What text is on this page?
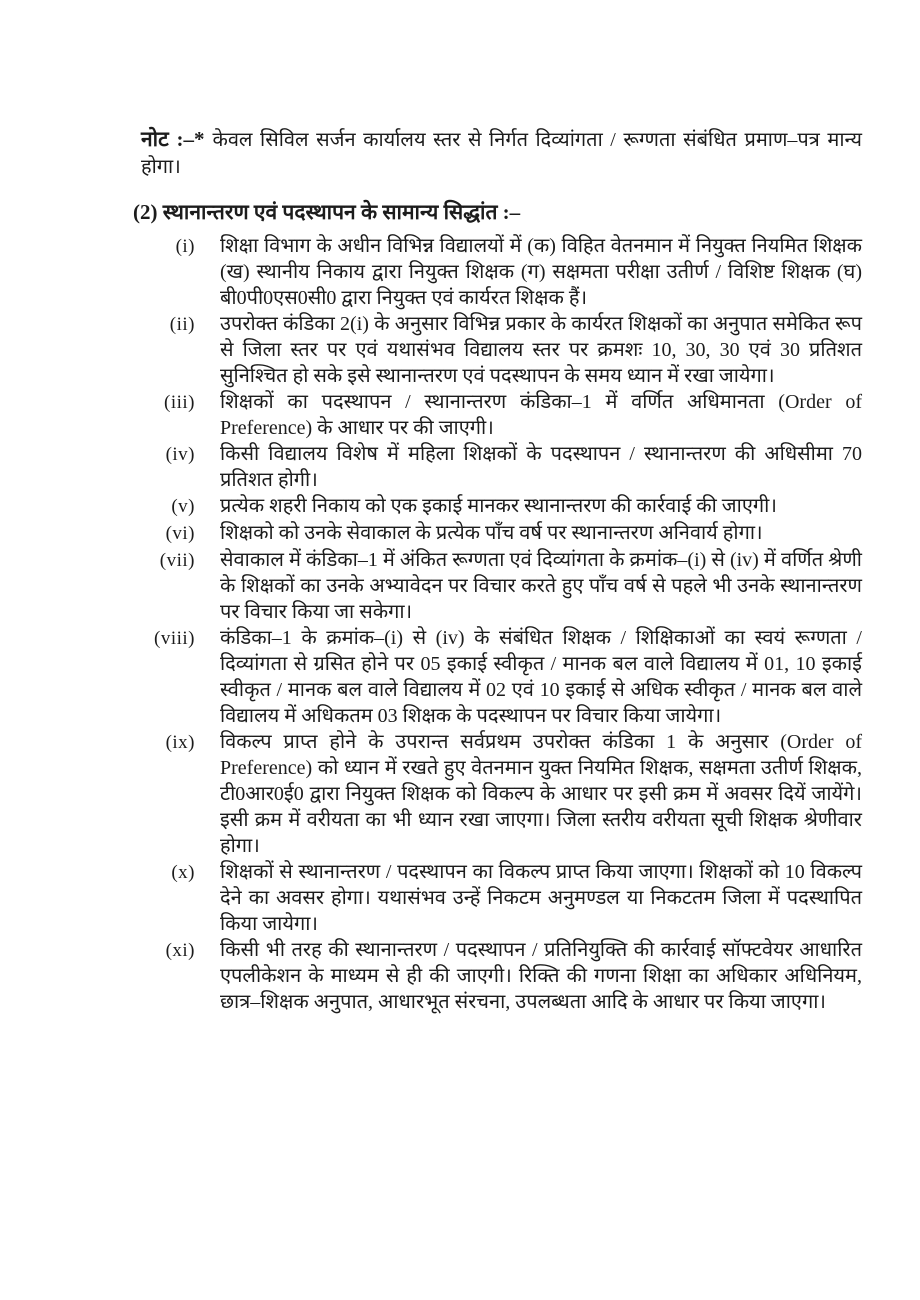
नोट :–* केवल सिविल सर्जन कार्यालय स्तर से निर्गत दिव्यांगता / रूग्णता संबंधित प्रमाण–पत्र मान्य होगा।

(2) स्थानान्तरण एवं पदस्थापन के सामान्य सिद्धांत :–
(i) शिक्षा विभाग के अधीन विभिन्न विद्यालयों में (क) विहित वेतनमान में नियुक्त नियमित शिक्षक (ख) स्थानीय निकाय द्वारा नियुक्त शिक्षक (ग) सक्षमता परीक्षा उतीर्ण / विशिष्ट शिक्षक (घ) बी0पी0एस0सी0 द्वारा नियुक्त एवं कार्यरत शिक्षक हैं।
(ii) उपरोक्त कंडिका 2(i) के अनुसार विभिन्न प्रकार के कार्यरत शिक्षकों का अनुपात समेकित रूप से जिला स्तर पर एवं यथासंभव विद्यालय स्तर पर क्रमशः 10, 30, 30 एवं 30 प्रतिशत सुनिश्चित हो सके इसे स्थानान्तरण एवं पदस्थापन के समय ध्यान में रखा जायेगा।
(iii) शिक्षकों का पदस्थापन / स्थानान्तरण कंडिका–1 में वर्णित अधिमानता (Order of Preference) के आधार पर की जाएगी।
(iv) किसी विद्यालय विशेष में महिला शिक्षकों के पदस्थापन / स्थानान्तरण की अधिसीमा 70 प्रतिशत होगी।
(v) प्रत्येक शहरी निकाय को एक इकाई मानकर स्थानान्तरण की कार्रवाई की जाएगी।
(vi) शिक्षको को उनके सेवाकाल के प्रत्येक पाँच वर्ष पर स्थानान्तरण अनिवार्य होगा।
(vii) सेवाकाल में कंडिका–1 में अंकित रूग्णता एवं दिव्यांगता के क्रमांक–(i) से (iv) में वर्णित श्रेणी के शिक्षकों का उनके अभ्यावेदन पर विचार करते हुए पाँच वर्ष से पहले भी उनके स्थानान्तरण पर विचार किया जा सकेगा।
(viii) कंडिका–1 के क्रमांक–(i) से (iv) के संबंधित शिक्षक / शिक्षिकाओं का स्वयं रूग्णता / दिव्यांगता से ग्रसित होने पर 05 इकाई स्वीकृत / मानक बल वाले विद्यालय में 01, 10 इकाई स्वीकृत / मानक बल वाले विद्यालय में 02 एवं 10 इकाई से अधिक स्वीकृत / मानक बल वाले विद्यालय में अधिकतम 03 शिक्षक के पदस्थापन पर विचार किया जायेगा।
(ix) विकल्प प्राप्त होने के उपरान्त सर्वप्रथम उपरोक्त कंडिका 1 के अनुसार (Order of Preference) को ध्यान में रखते हुए वेतनमान युक्त नियमित शिक्षक, सक्षमता उतीर्ण शिक्षक, टी0आर0ई0 द्वारा नियुक्त शिक्षक को विकल्प के आधार पर इसी क्रम में अवसर दियें जायेंगे। इसी क्रम में वरीयता का भी ध्यान रखा जाएगा। जिला स्तरीय वरीयता सूची शिक्षक श्रेणीवार होगा।
(x) शिक्षकों से स्थानान्तरण / पदस्थापन का विकल्प प्राप्त किया जाएगा। शिक्षकों को 10 विकल्प देने का अवसर होगा। यथासंभव उन्हें निकटम अनुमण्डल या निकटतम जिला में पदस्थापित किया जायेगा।
(xi) किसी भी तरह की स्थानान्तरण / पदस्थापन / प्रतिनियुक्ति की कार्रवाई सॉफ्टवेयर आधारित एपलीकेशन के माध्यम से ही की जाएगी। रिक्ति की गणना शिक्षा का अधिकार अधिनियम, छात्र–शिक्षक अनुपात, आधारभूत संरचना, उपलब्धता आदि के आधार पर किया जाएगा।
